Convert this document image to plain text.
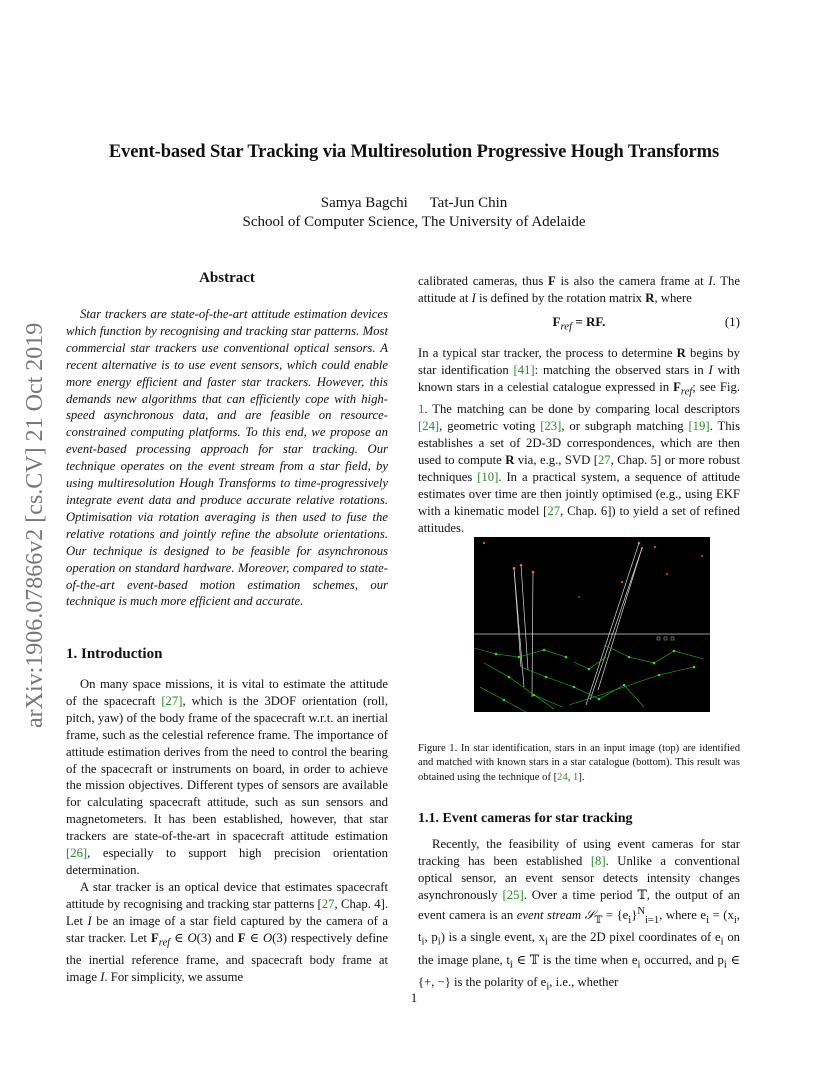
Event-based Star Tracking via Multiresolution Progressive Hough Transforms
Samya Bagchi Tat-Jun Chin
School of Computer Science, The University of Adelaide
arXiv:1906.07866v2 [cs.CV] 21 Oct 2019
Abstract

Star trackers are state-of-the-art attitude estimation devices which function by recognising and tracking star patterns. Most commercial star trackers use conventional optical sensors. A recent alternative is to use event sensors, which could enable more energy efficient and faster star trackers. However, this demands new algorithms that can efficiently cope with high-speed asynchronous data, and are feasible on resource-constrained computing platforms. To this end, we propose an event-based processing approach for star tracking. Our technique operates on the event stream from a star field, by using multiresolution Hough Transforms to time-progressively integrate event data and produce accurate relative rotations. Optimisation via rotation averaging is then used to fuse the relative rotations and jointly refine the absolute orientations. Our technique is designed to be feasible for asynchronous operation on standard hardware. Moreover, compared to state-of-the-art event-based motion estimation schemes, our technique is much more efficient and accurate.

1. Introduction

On many space missions, it is vital to estimate the attitude of the spacecraft [27], which is the 3DOF orientation (roll, pitch, yaw) of the body frame of the spacecraft w.r.t. an inertial frame, such as the celestial reference frame. The importance of attitude estimation derives from the need to control the bearing of the spacecraft or instruments on board, in order to achieve the mission objectives. Different types of sensors are available for calculating spacecraft attitude, such as sun sensors and magnetometers. It has been established, however, that star trackers are state-of-the-art in spacecraft attitude estimation [26], especially to support high precision orientation determination.

A star tracker is an optical device that estimates spacecraft attitude by recognising and tracking star patterns [27, Chap. 4]. Let I be an image of a star field captured by the camera of a star tracker. Let $F_{ref}$ ∈ O(3) and F ∈ O(3) respectively define the inertial reference frame, and spacecraft body frame at image I. For simplicity, we assume

calibrated cameras, thus F is also the camera frame at I. The attitude at I is defined by the rotation matrix R, where

$F_{ref}$ = RF.	(1)

In a typical star tracker, the process to determine R begins by star identification [41]: matching the observed stars in I with known stars in a celestial catalogue expressed in $F_{ref}$; see Fig. 1. The matching can be done by comparing local descriptors [24], geometric voting [23], or subgraph matching [19]. This establishes a set of 2D-3D correspondences, which are then used to compute R via, e.g., SVD [27, Chap. 5] or more robust techniques [10]. In a practical system, a sequence of attitude estimates over time are then jointly optimised (e.g., using EKF with a kinematic model [27, Chap. 6]) to yield a set of refined attitudes.

Figure 1. In star identification, stars in an input image (top) are identified and matched with known stars in a star catalogue (bottom). This result was obtained using the technique of [24, 1].
1.1. Event cameras for star tracking

Recently, the feasibility of using event cameras for star tracking has been established [8]. Unlike a conventional optical sensor, an event sensor detects intensity changes asynchronously [25]. Over a time period 𝕋, the output of an event camera is an event stream 𝒮$_𝕋$ = $\{e_i\}^N_{i=1}$, where $e_i = (x_i$, $t_i$, $p_i$) is a single event, $x_i$ are the 2D pixel coordinates of $e_i$ on the image plane, $t_i$ ∈ 𝕋 is the time when $e_i$ occurred, and $p_i$ ∈ {+, −} is the polarity of $e_i$, i.e., whether

1
